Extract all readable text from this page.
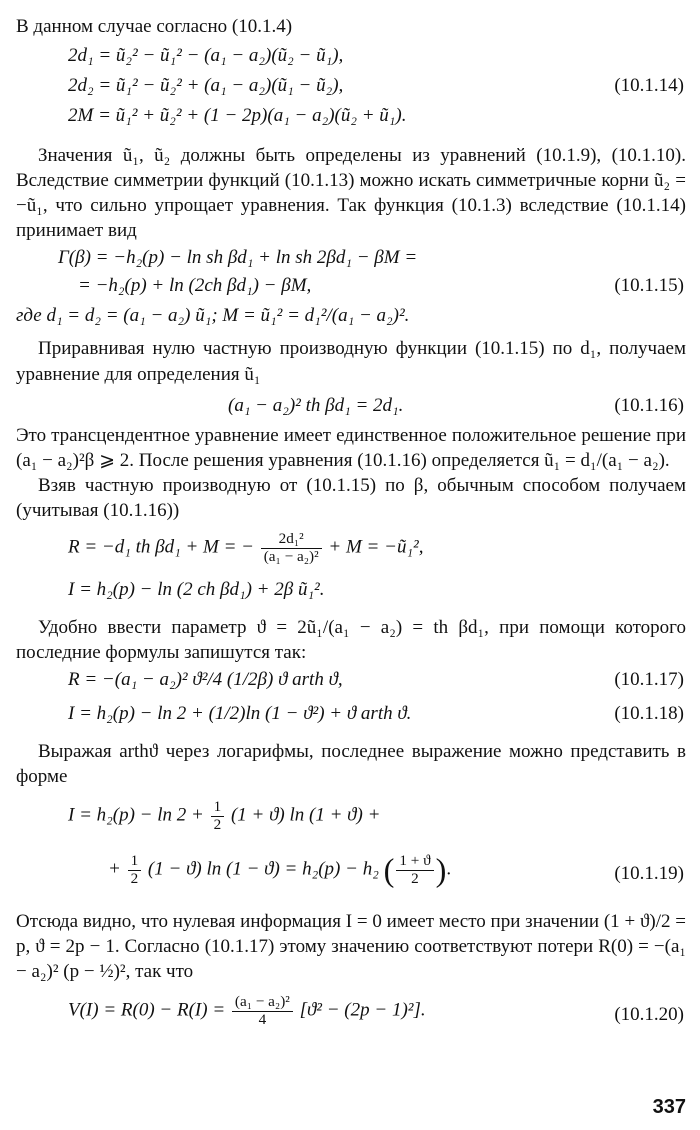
В данном случае согласно (10.1.4)

2d₁ = ũ₂² − ũ₁² − (a₁ − a₂)(ũ₂ − ũ₁),
2d₂ = ũ₁² − ũ₂² + (a₁ − a₂)(ũ₁ − ũ₂),
2M = ũ₁² + ũ₂² + (1 − 2p)(a₁ − a₂)(ũ₂ + ũ₁).
(10.1.14)

Значения ũ₁, ũ₂ должны быть определены из уравнений (10.1.9), (10.1.10). Вследствие симметрии функций (10.1.13) можно искать симметричные корни ũ₂ = −ũ₁, что сильно упрощает уравнения. Так функция (10.1.3) вследствие (10.1.14) принимает вид

Γ(β) = −h₂(p) − ln sh βd₁ + ln sh 2βd₁ − βM =
= −h₂(p) + ln (2ch βd₁) − βM,	(10.1.15)

где d₁ = d₂ = (a₁ − a₂) ũ₁; M = ũ₁² = d₁²/(a₁ − a₂)².

Приравнивая нулю частную производную функции (10.1.15) по d₁, получаем уравнение для определения ũ₁

(a₁ − a₂)² th βd₁ = 2d₁.	(10.1.16)

Это трансцендентное уравнение имеет единственное положительное решение при (a₁ − a₂)²β ⩾ 2. После решения уравнения (10.1.16) определяется ũ₁ = d₁/(a₁ − a₂).

Взяв частную производную от (10.1.15) по β, обычным способом получаем (учитывая (10.1.16))

R = −d₁ th βd₁ + M = − $\frac{\text{2d₁²}}{\text{(a₁ − a₂)²}} + M$ = −ũ₁²,
I = h₂(p) − ln (2 ch βd₁) + 2β ũ₁².

Удобно ввести параметр ϑ = 2ũ₁/(a₁ − a₂) = th βd₁, при помощи которого последние формулы запишутся так:

R = −(a₁ − a₂)² ϑ²/4 (1/2β) ϑ arth ϑ,	(10.1.17)
I = h₂(p) − ln 2 + (1/2)ln (1 − ϑ²) + ϑ arth ϑ.	(10.1.18)

Выражая arthϑ через логарифмы, последнее выражение можно представить в форме

$I = h_2(p) - \ln 2 + \frac{1}{2} (1 + ϑ)$ ln (1 + ϑ) +
+ $\frac{1}{2} (1 - ϑ)$ ln (1 − ϑ) = h₂(p) − h₂ ( $\frac{1 + ϑ}{2}$ ).	(10.1.19)

Отсюда видно, что нулевая информация I = 0 имеет место при значении (1 + ϑ)/2 = p, ϑ = 2p − 1. Согласно (10.1.17) этому значению соответствуют потери R(0) = −(a₁ − a₂)² (p − ½)², так что

$V(I) = R(0) - R(I) = \frac{\text{(a₁ − a₂)²}}{4} [ϑ^2 - (2p - 1)^2]$.	(10.1.20)
337
